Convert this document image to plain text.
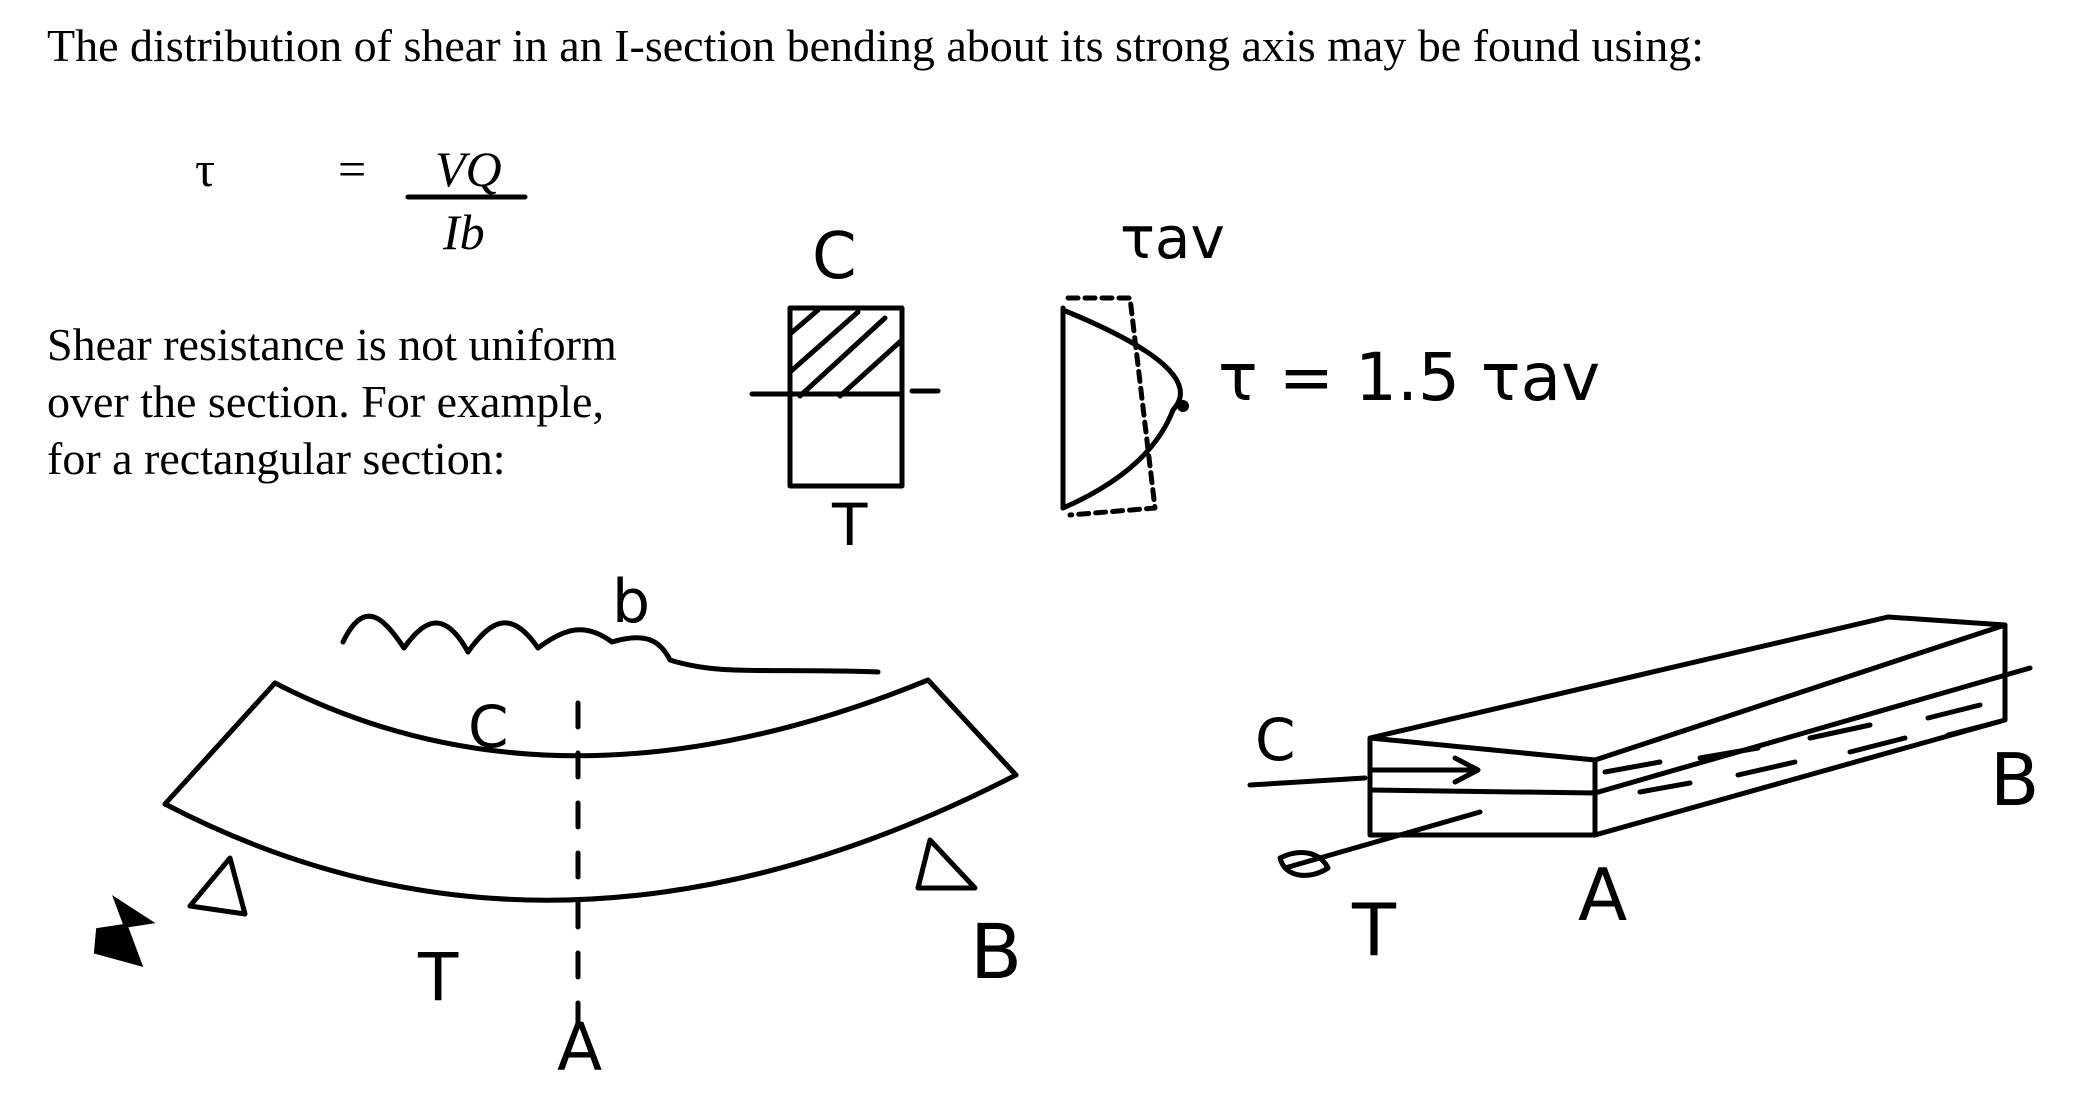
The distribution of shear in an I-section bending about its strong axis may be found using:
τ = VQ
Ib
Shear resistance is not uniform
over the section. For example,
for a rectangular section:
C
T
τav
τ = 1.5 τav
b
C
T
A
B
C
T	A
B
